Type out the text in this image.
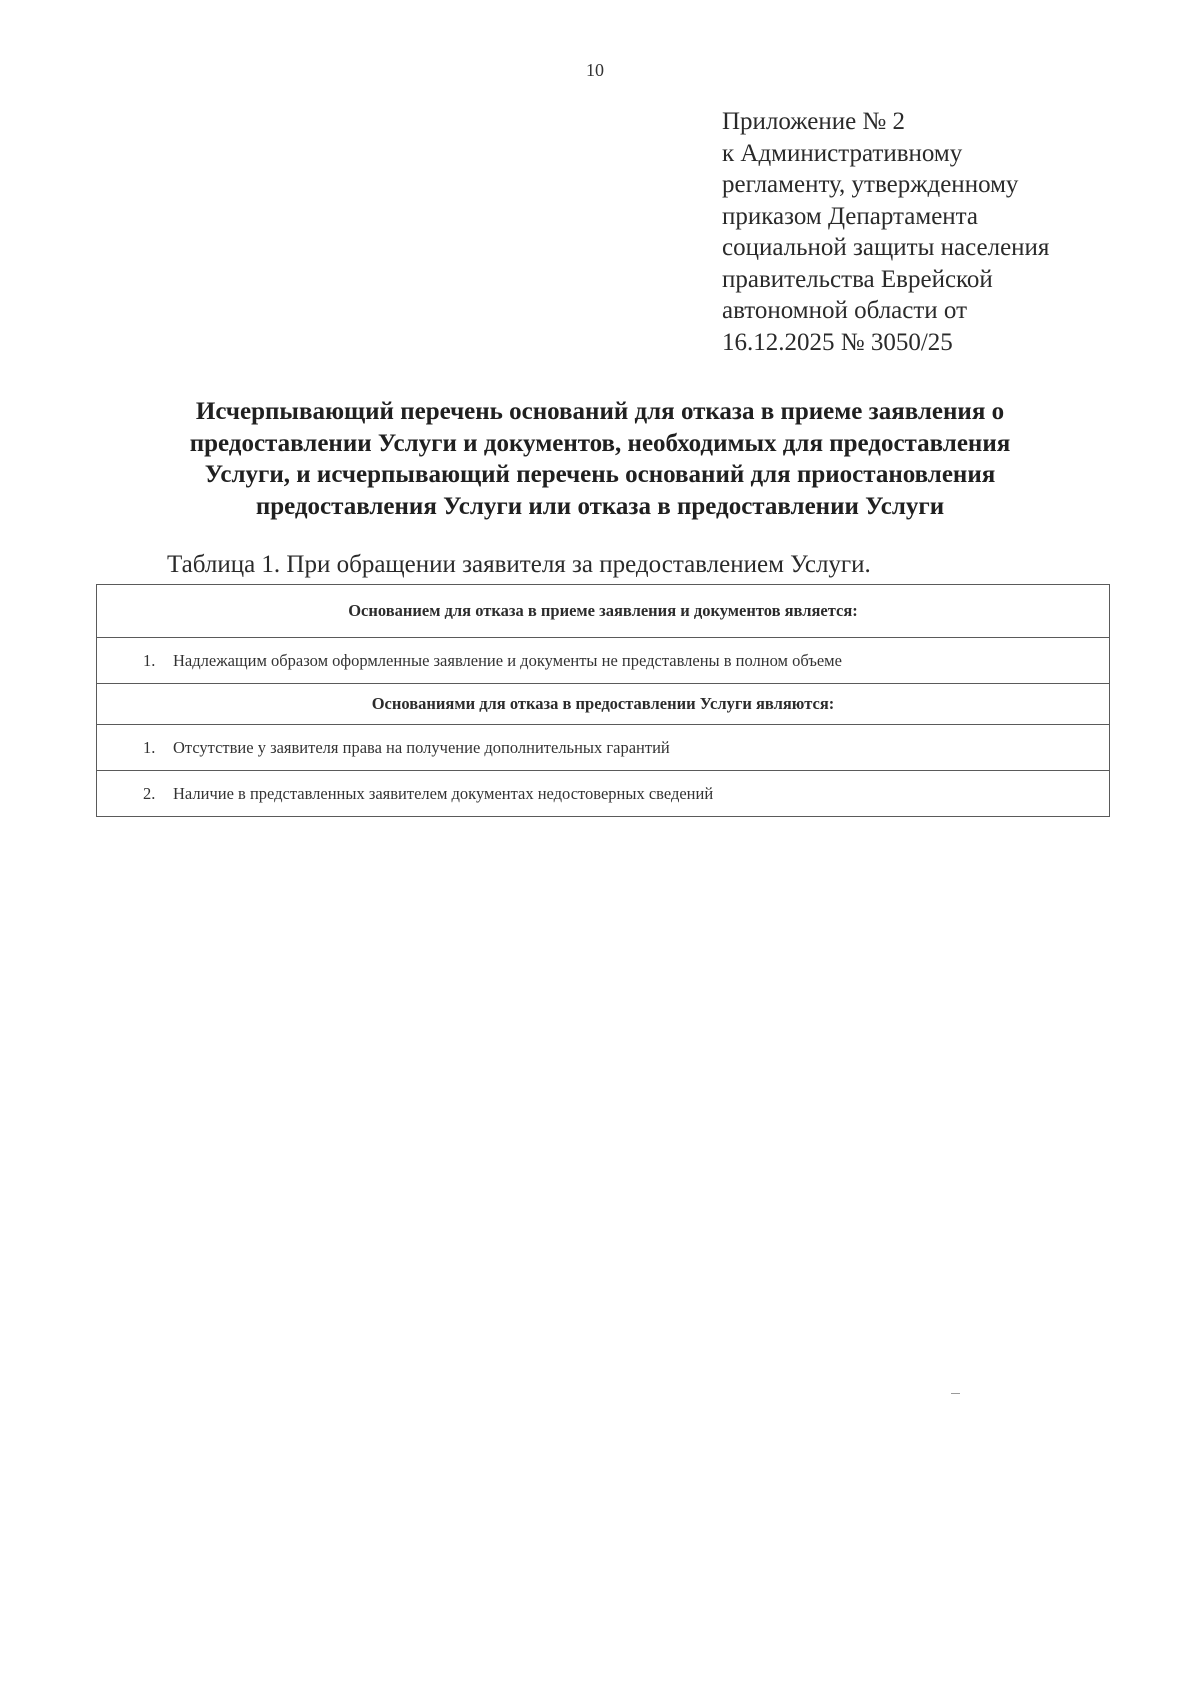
10
Приложение № 2
к Административному
регламенту, утвержденному
приказом Департамента
социальной защиты населения
правительства Еврейской
автономной области от
16.12.2025 № 3050/25
Исчерпывающий перечень оснований для отказа в приеме заявления о
предоставлении Услуги и документов, необходимых для предоставления
Услуги, и исчерпывающий перечень оснований для приостановления
предоставления Услуги или отказа в предоставлении Услуги
Таблица 1. При обращении заявителя за предоставлением Услуги.
Основанием для отказа в приеме заявления и документов является:
1. Надлежащим образом оформленные заявление и документы не представлены в полном объеме
Основаниями для отказа в предоставлении Услуги являются:
1. Отсутствие у заявителя права на получение дополнительных гарантий
2. Наличие в представленных заявителем документах недостоверных сведений
